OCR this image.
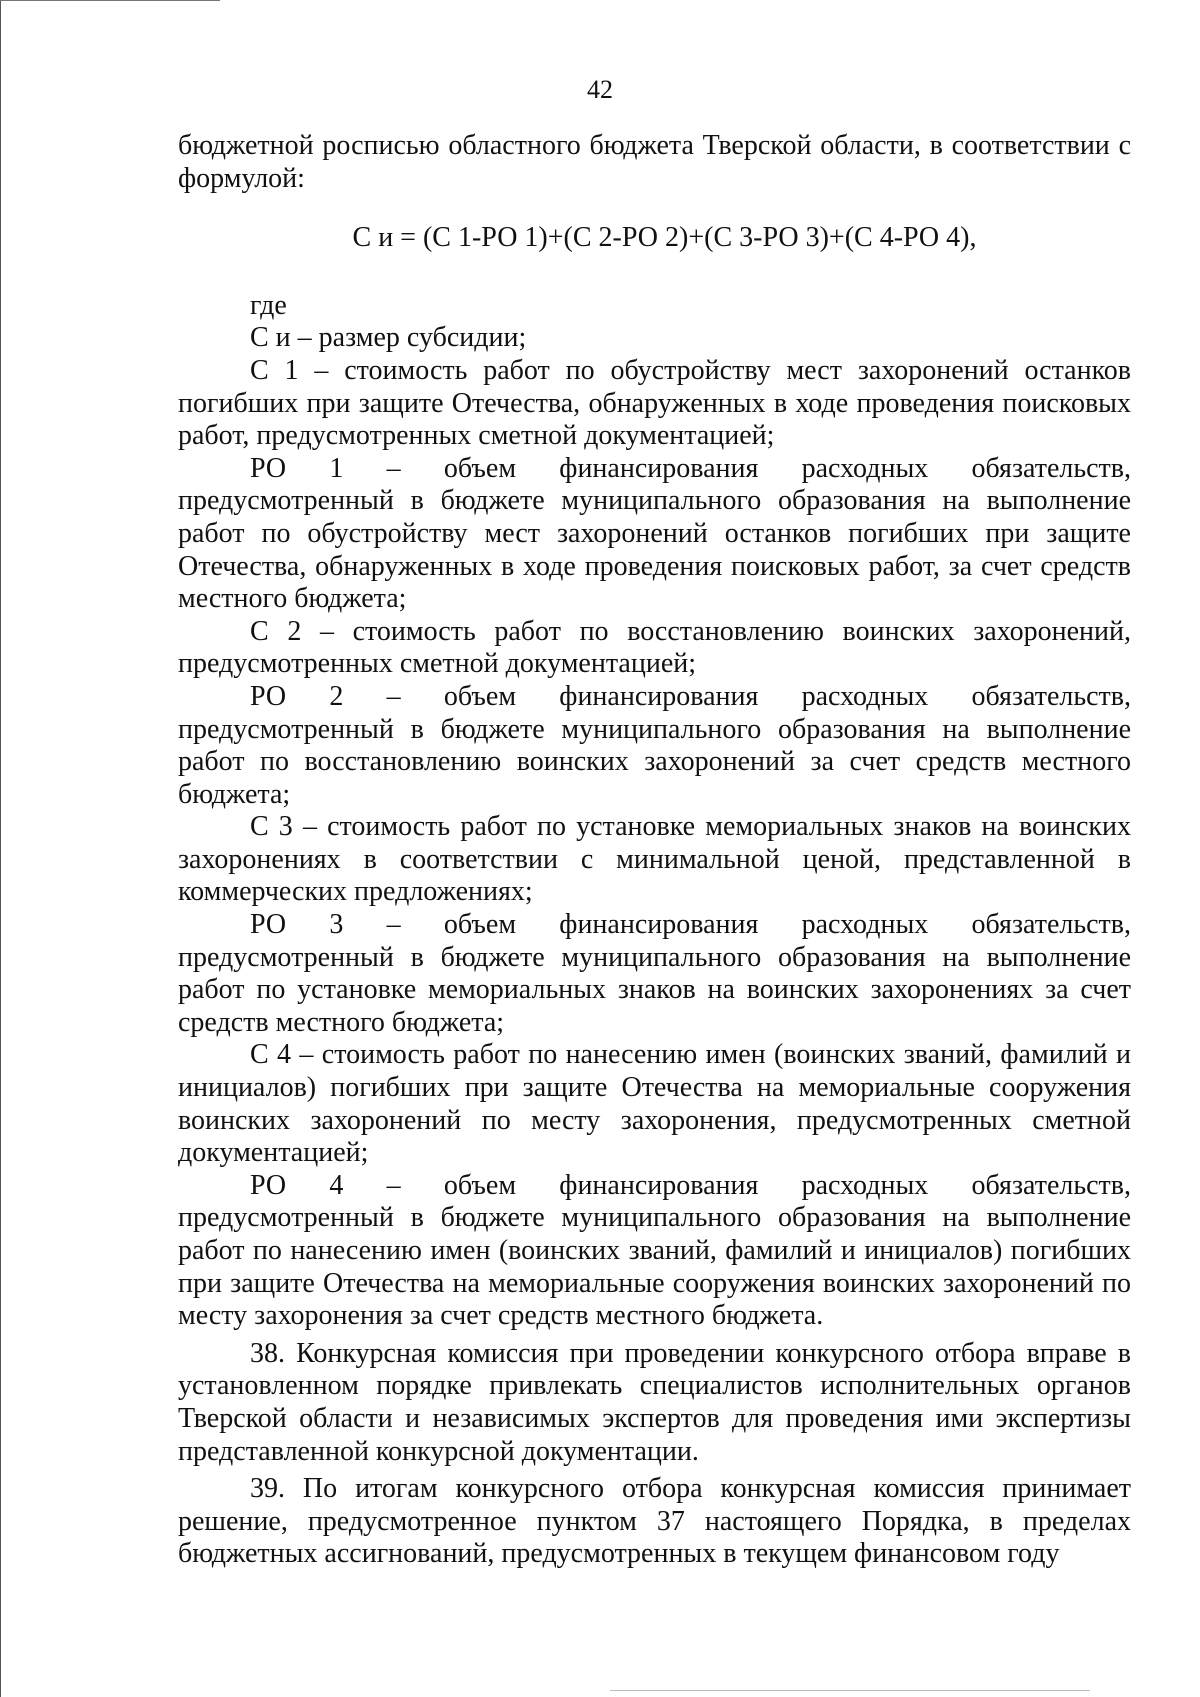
42

бюджетной росписью областного бюджета Тверской области, в соответствии с формулой:

С и = (С 1-РО 1)+(С 2-РО 2)+(С 3-РО 3)+(С 4-РО 4),

где

С и – размер субсидии;

С 1 – стоимость работ по обустройству мест захоронений останков погибших при защите Отечества, обнаруженных в ходе проведения поисковых работ, предусмотренных сметной документацией;

РО 1 – объем финансирования расходных обязательств,

предусмотренный в бюджете муниципального образования на выполнение работ по обустройству мест захоронений останков погибших при защите Отечества, обнаруженных в ходе проведения поисковых работ, за счет средств местного бюджета;

С 2 – стоимость работ по восстановлению воинских захоронений, предусмотренных сметной документацией;

РО 2 – объем финансирования расходных обязательств,

предусмотренный в бюджете муниципального образования на выполнение работ по восстановлению воинских захоронений за счет средств местного бюджета;

С 3 – стоимость работ по установке мемориальных знаков на воинских захоронениях в соответствии с минимальной ценой, представленной в коммерческих предложениях;

РО 3 – объем финансирования расходных обязательств,

предусмотренный в бюджете муниципального образования на выполнение работ по установке мемориальных знаков на воинских захоронениях за счет средств местного бюджета;

С 4 – стоимость работ по нанесению имен (воинских званий, фамилий и инициалов) погибших при защите Отечества на мемориальные сооружения воинских захоронений по месту захоронения, предусмотренных сметной документацией;

РО 4 – объем финансирования расходных обязательств,

предусмотренный в бюджете муниципального образования на выполнение работ по нанесению имен (воинских званий, фамилий и инициалов) погибших при защите Отечества на мемориальные сооружения воинских захоронений по месту захоронения за счет средств местного бюджета.

38. Конкурсная комиссия при проведении конкурсного отбора вправе в установленном порядке привлекать специалистов исполнительных органов Тверской области и независимых экспертов для проведения ими экспертизы представленной конкурсной документации.

39. По итогам конкурсного отбора конкурсная комиссия принимает решение, предусмотренное пунктом 37 настоящего Порядка, в пределах бюджетных ассигнований, предусмотренных в текущем финансовом году
